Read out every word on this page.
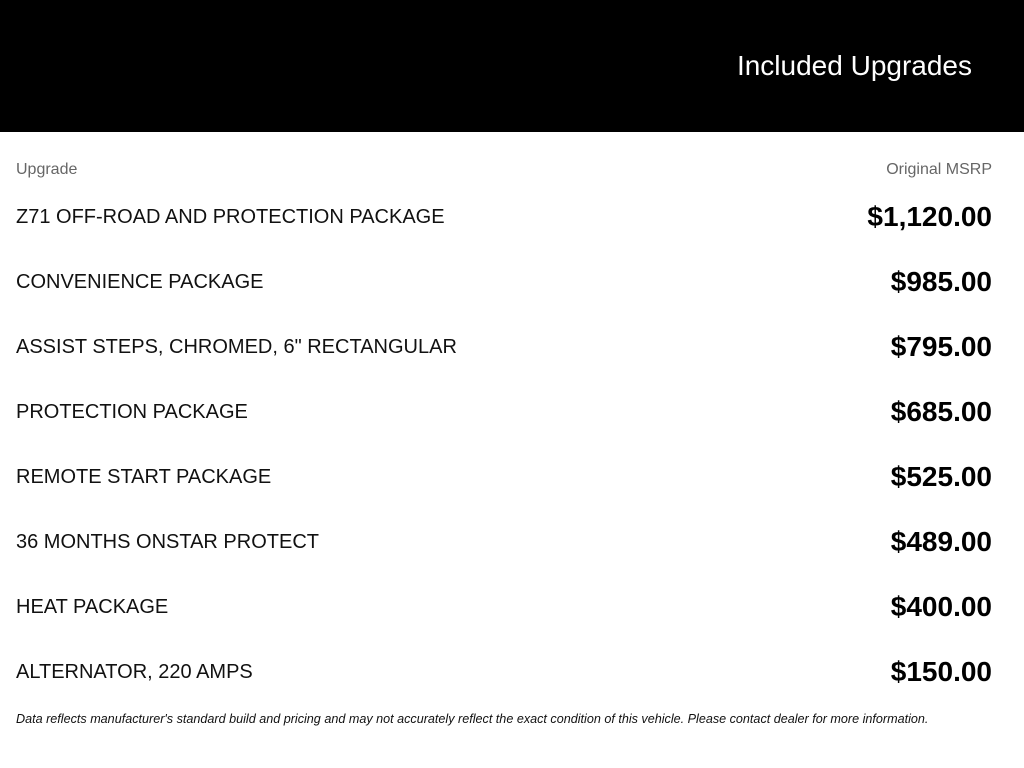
Included Upgrades
Upgrade	Original MSRP
Z71 OFF-ROAD AND PROTECTION PACKAGE	$1,120.00
CONVENIENCE PACKAGE	$985.00
ASSIST STEPS, CHROMED, 6" RECTANGULAR	$795.00
PROTECTION PACKAGE	$685.00
REMOTE START PACKAGE	$525.00
36 MONTHS ONSTAR PROTECT	$489.00
HEAT PACKAGE	$400.00
ALTERNATOR, 220 AMPS	$150.00
Data reflects manufacturer's standard build and pricing and may not accurately reflect the exact condition of this vehicle. Please contact dealer for more information.
